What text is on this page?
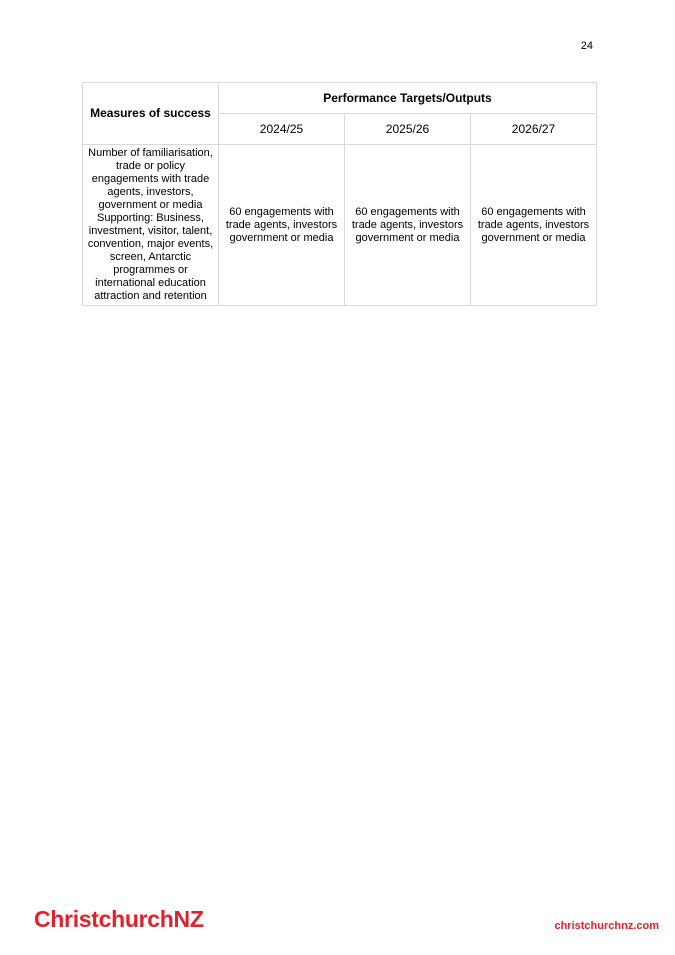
24
Measures of success	Performance Targets/Outputs		
	2024/25	2025/26	2026/27
Number of familiarisation, trade or policy engagements with trade agents, investors, government or media Supporting: Business, investment, visitor, talent, convention, major events, screen, Antarctic programmes or international education attraction and retention	60 engagements with trade agents, investors government or media	60 engagements with trade agents, investors government or media	60 engagements with trade agents, investors government or media
ChristchurchNZ	christchurchnz.com
